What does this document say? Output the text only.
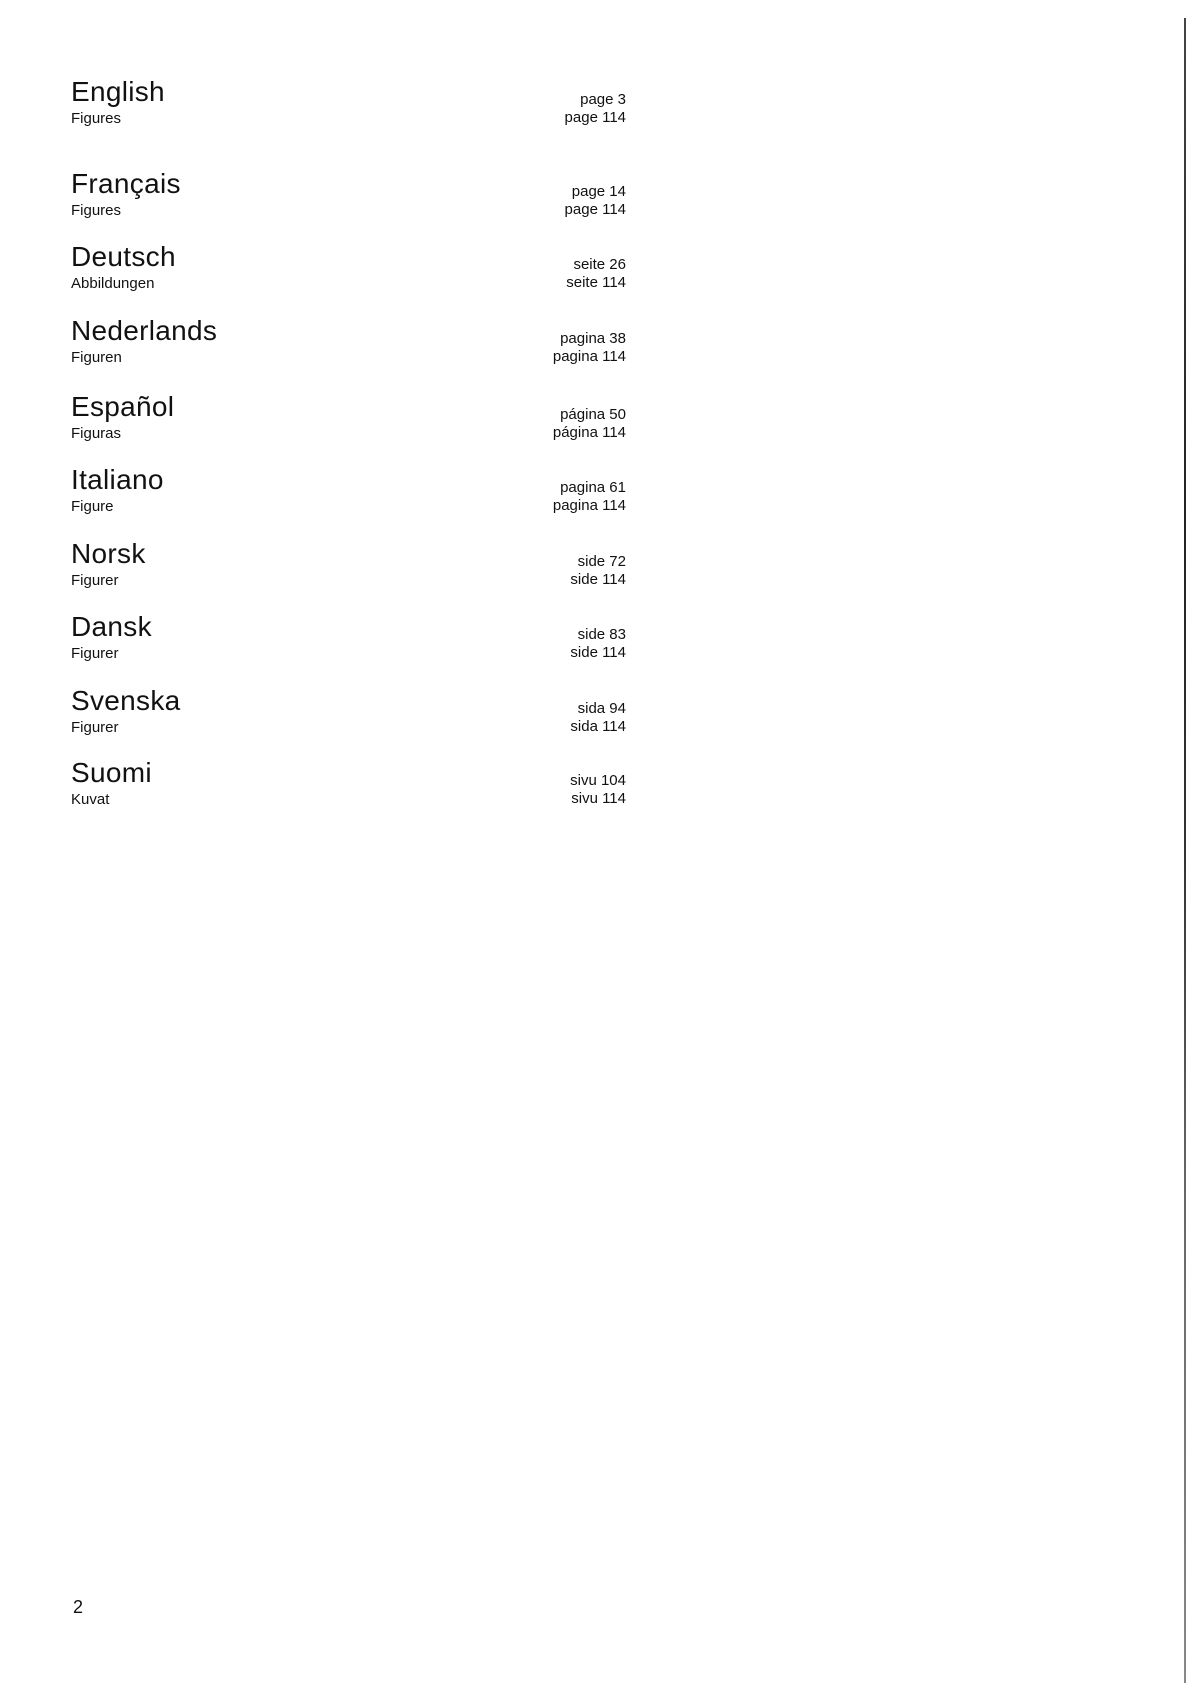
English
Figures
page 3
page 114
Français
Figures
page 14
page 114
Deutsch
Abbildungen
seite 26
seite 114
Nederlands
Figuren
pagina 38
pagina 114
Español
Figuras
página 50
página 114
Italiano
Figure
pagina 61
pagina 114
Norsk
Figurer
side 72
side 114
Dansk
Figurer
side 83
side 114
Svenska
Figurer
sida 94
sida 114
Suomi
Kuvat
sivu 104
sivu 114
2
